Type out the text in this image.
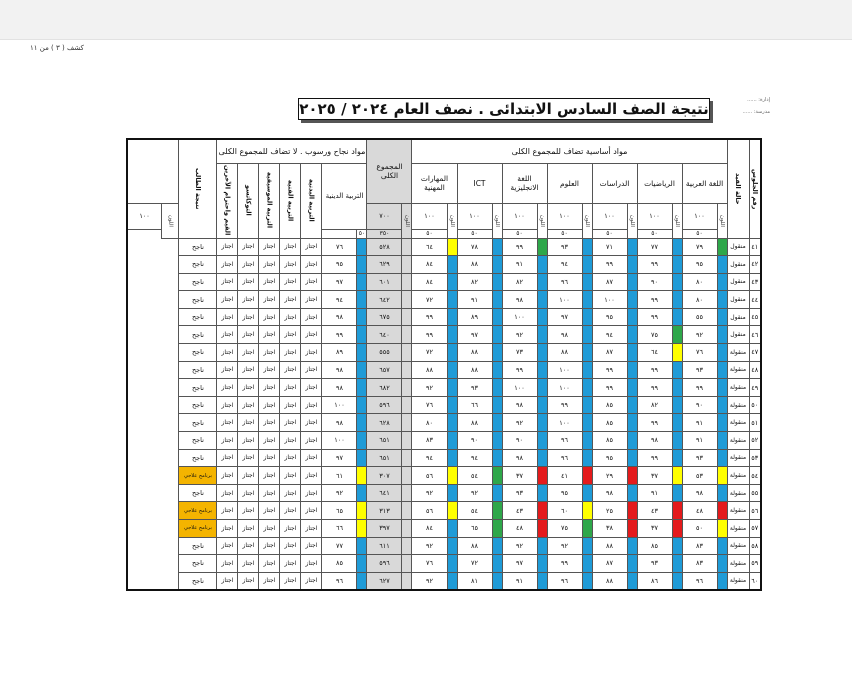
كشف ( ٣ ) من ١١
إدارة: ......
مدرسة: ......
نتيجة الصف السادس الابتدائى . نصف العام ٢٠٢٤ / ٢٠٢٥
رقم الجلوس	حالة القيد	مواد أساسية تضاف للمجموع الكلى														المجموع الكلى		مواد نجاح ورسوب . لا تضاف للمجموع الكلى							نتيجة الطالب		

		اللغة العربية		الرياضيات		الدراسات		العلوم		اللغة الانجليزية		ICT		المهارات المهنية				التربية الدينية		التربية البدنية	التربية الفنية	التربية الموسيقية	التوكاتسو	القيم واحترام الآخرين			

		اللون	١٠٠	اللون	١٠٠	اللون	١٠٠	اللون	١٠٠	اللون	١٠٠	اللون	١٠٠	اللون	١٠٠	اللون	٧٠٠									اللون	١٠٠
			٥٠		٥٠		٥٠		٥٠		٥٠		٥٠		٥٠		٣٥٠	٥٠									
٤١	منقول		٧٩		٧٧		٧١		٩٣		٩٩		٧٨		٦٤		٥٢٨		٧٦	اجتاز	اجتاز	اجتاز	اجتاز	اجتاز	ناجح		
٤٢	منقول		٩٥		٩٩		٩٩		٩٤		٩١		٨٨		٨٤		٦٢٩		٩٥	اجتاز	اجتاز	اجتاز	اجتاز	اجتاز	ناجح		
٤٣	منقول		٨٠		٩٠		٨٧		٩٦		٨٢		٨٢		٨٤		٦٠١		٩٧	اجتاز	اجتاز	اجتاز	اجتاز	اجتاز	ناجح		
٤٤	منقول		٨٠		٩٩		١٠٠		١٠٠		٩٨		٩١		٧٢		٦٤٢		٩٤	اجتاز	اجتاز	اجتاز	اجتاز	اجتاز	ناجح		
٤٥	منقول		٥٥		٩٩		٩٥		٩٧		١٠٠		٨٩		٩٩		٦٧٥		٩٨	اجتاز	اجتاز	اجتاز	اجتاز	اجتاز	ناجح		
٤٦	منقول		٩٢		٧٥		٩٤		٩٨		٩٢		٩٧		٩٩		٦٤٠		٩٩	اجتاز	اجتاز	اجتاز	اجتاز	اجتاز	ناجح		
٤٧	منقولة		٧٦		٦٤		٨٧		٨٨		٧٣		٨٨		٧٢		٥٥٥		٨٩	اجتاز	اجتاز	اجتاز	اجتاز	اجتاز	ناجح		
٤٨	منقولة		٩٣		٩٩		٩٩		١٠٠		٩٩		٨٨		٨٨		٦٥٧		٩٨	اجتاز	اجتاز	اجتاز	اجتاز	اجتاز	ناجح		
٤٩	منقولة		٩٩		٩٩		٩٩		١٠٠		١٠٠		٩٣		٩٢		٦٨٢		٩٨	اجتاز	اجتاز	اجتاز	اجتاز	اجتاز	ناجح		
٥٠	منقولة		٩٠		٨٢		٨٥		٩٩		٩٨		٦٦		٧٦		٥٩٦		١٠٠	اجتاز	اجتاز	اجتاز	اجتاز	اجتاز	ناجح		
٥١	منقولة		٩١		٩٩		٨٥		١٠٠		٩٢		٨٨		٨٠		٦٢٨		٩٨	اجتاز	اجتاز	اجتاز	اجتاز	اجتاز	ناجح		
٥٢	منقولة		٩١		٩٨		٨٥		٩٦		٩٠		٩٠		٨٣		٦٥١		١٠٠	اجتاز	اجتاز	اجتاز	اجتاز	اجتاز	ناجح		
٥٣	منقولة		٩٣		٩٩		٩٥		٩٦		٩٨		٩٤		٩٤		٦٥١		٩٧	اجتاز	اجتاز	اجتاز	اجتاز	اجتاز	ناجح		
٥٤	منقولة		٥٣		٣٧		٢٩		٤١		٣٧		٥٤		٥٦		٣٠٧		٦١	اجتاز	اجتاز	اجتاز	اجتاز	اجتاز	برنامج علاجي		
٥٥	منقولة		٩٨		٩١		٩٨		٩٥		٩٣		٩٢		٩٢		٦٤١		٩٢	اجتاز	اجتاز	اجتاز	اجتاز	اجتاز	ناجح		
٥٦	منقولة		٤٨		٤٣		٢٥		٦٠		٤٣		٥٤		٥٦		٣١٣		٦٥	اجتاز	اجتاز	اجتاز	اجتاز	اجتاز	برنامج علاجي		
٥٧	منقولة		٥٠		٣٧		٣٨		٧٥		٤٨		٦٥		٨٤		٣٩٧		٦٦	اجتاز	اجتاز	اجتاز	اجتاز	اجتاز	برنامج علاجي		
٥٨	منقولة		٨٣		٨٥		٨٨		٩٢		٩٢		٨٨		٩٢		٦١١		٧٧	اجتاز	اجتاز	اجتاز	اجتاز	اجتاز	ناجح		
٥٩	منقولة		٨٣		٩٣		٨٧		٩٩		٩٧		٧٢		٧٦		٥٩٦		٨٥	اجتاز	اجتاز	اجتاز	اجتاز	اجتاز	ناجح		
٦٠	منقولة		٩٦		٨٦		٨٨		٩٦		٩١		٨١		٩٢		٦٢٧		٩٦	اجتاز	اجتاز	اجتاز	اجتاز	اجتاز	ناجح		
